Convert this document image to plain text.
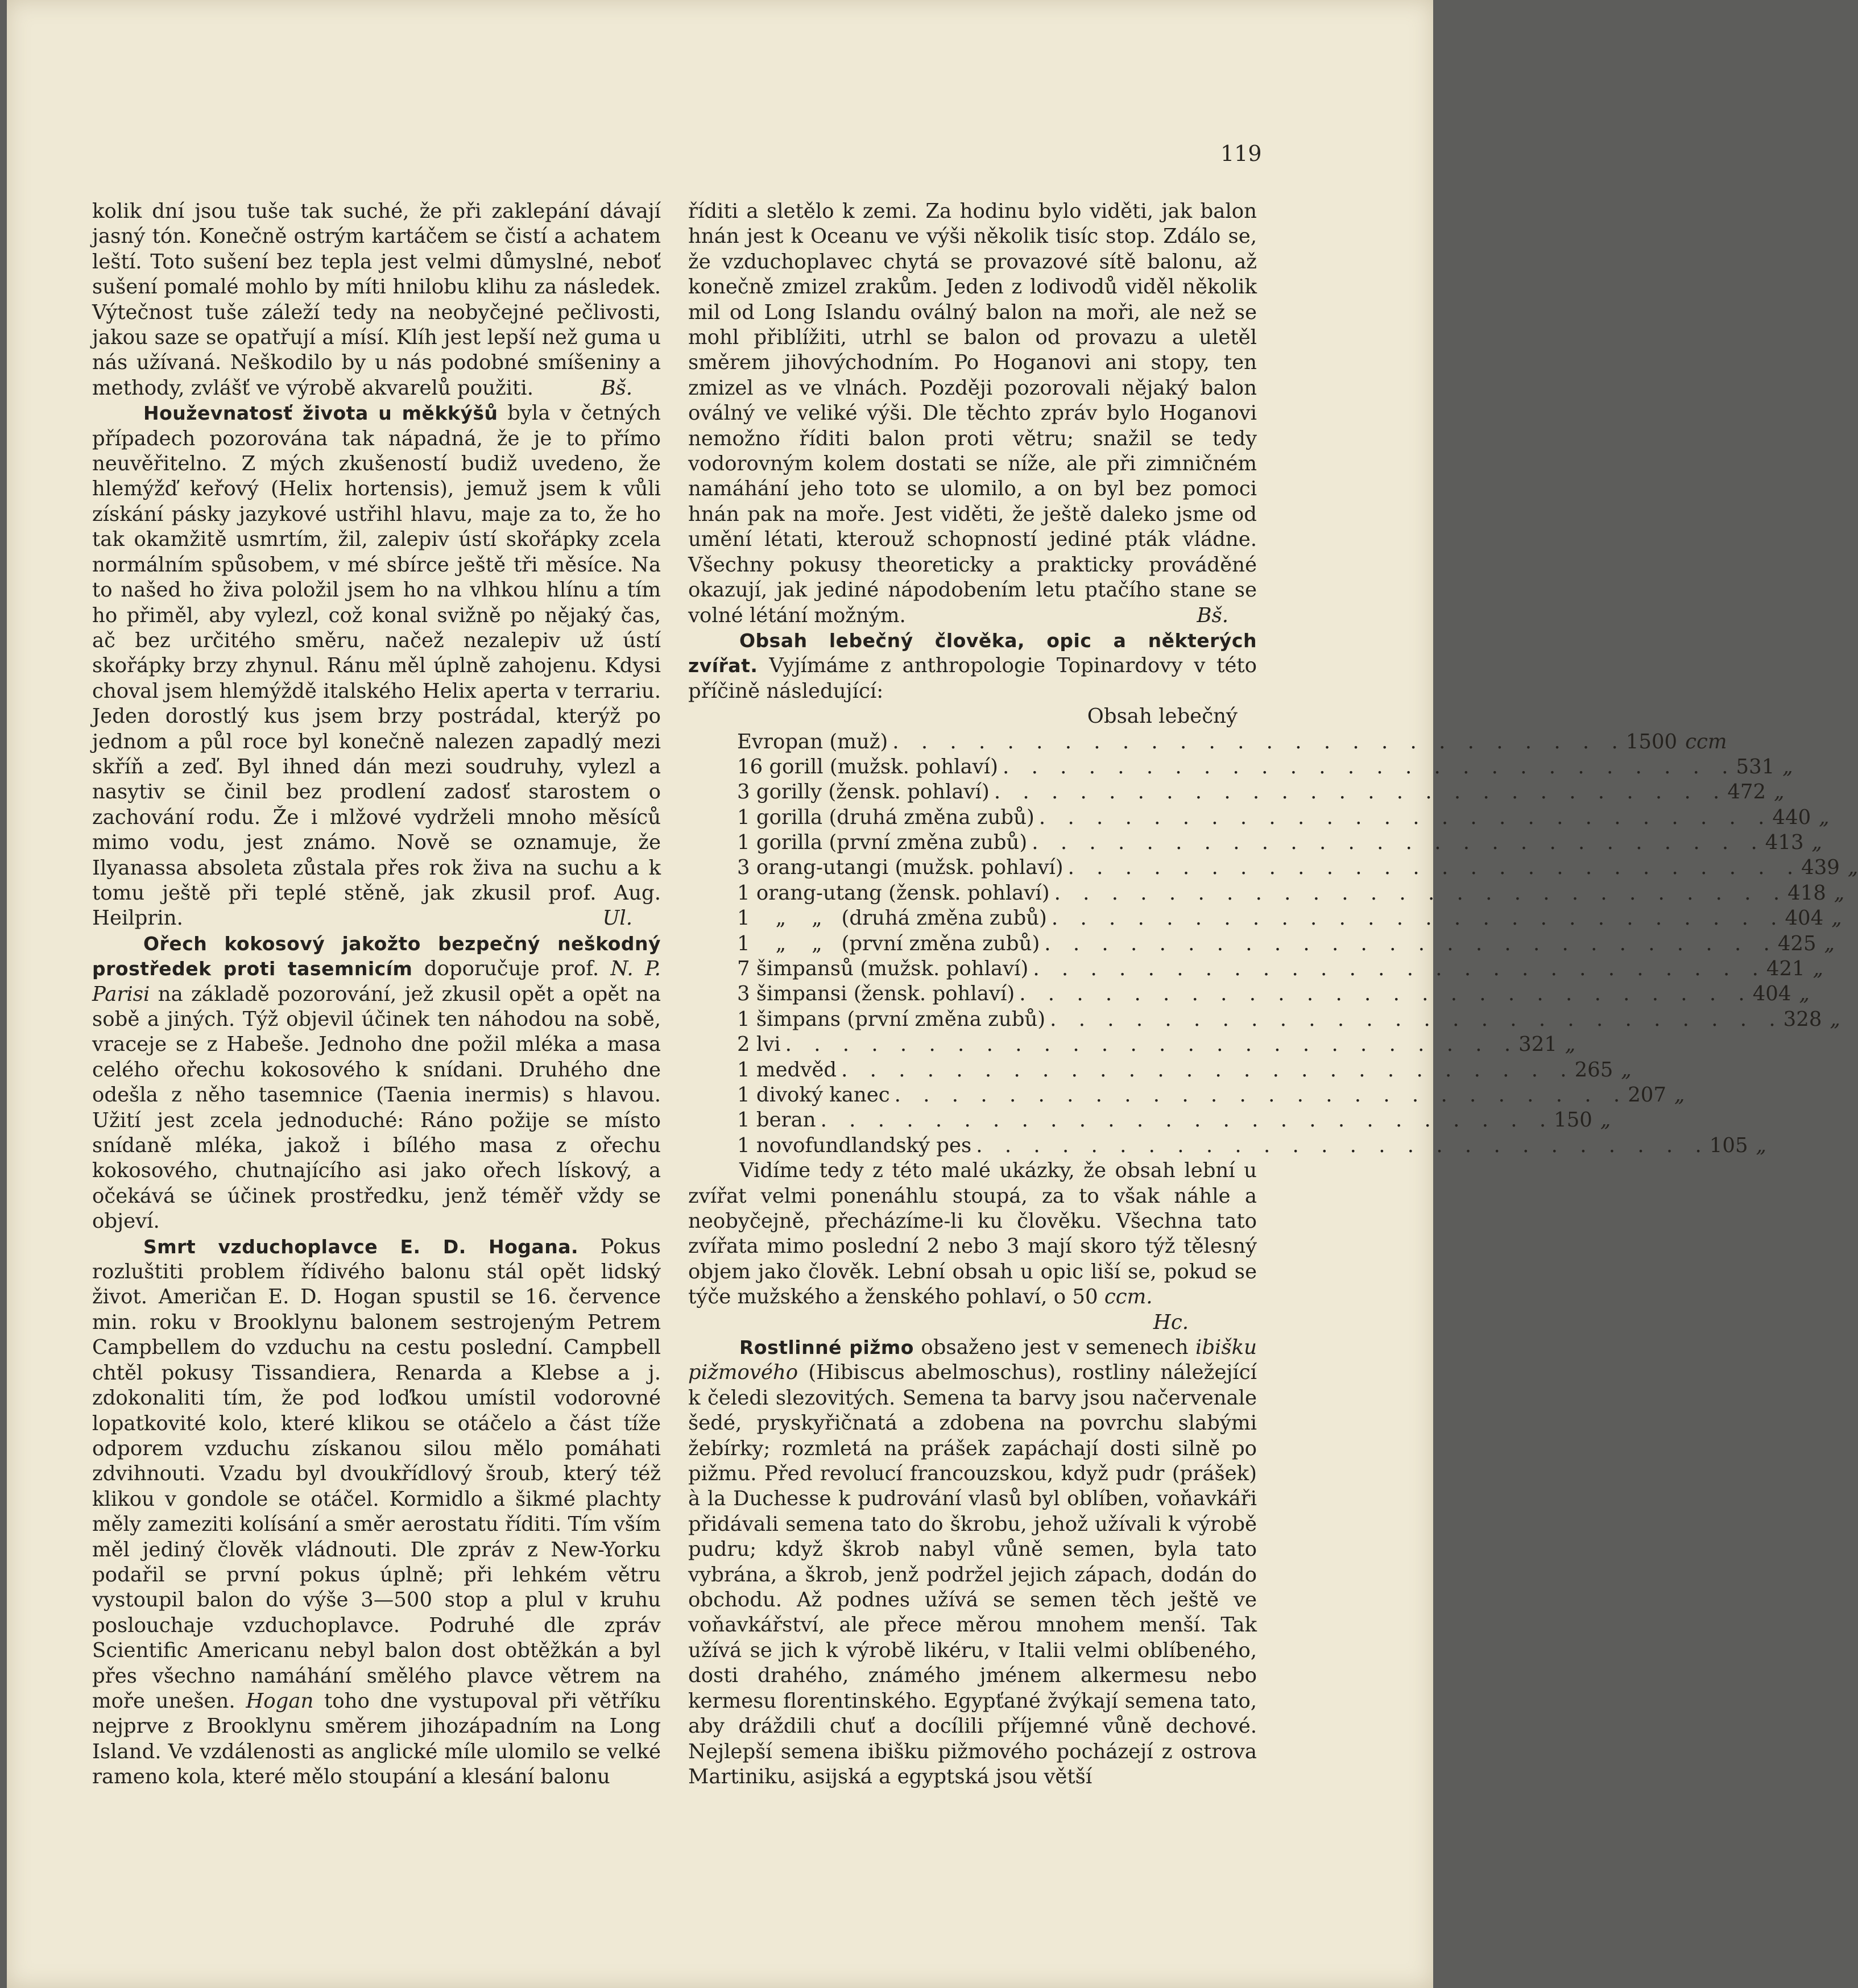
119

kolik dní jsou tuše tak suché, že při zaklepání dávají jasný tón. Konečně ostrým kartáčem se čistí a achatem leští. Toto sušení bez tepla jest velmi důmyslné, neboť sušení pomalé mohlo by míti hnilobu klihu za následek. Výtečnost tuše záleží tedy na neobyčejné pečlivosti, jakou saze se opatřují a mísí. Klíh jest lepší než guma u nás užívaná. Neškodilo by u nás podobné smíšeniny a methody, zvlášť ve výrobě akvarelů použiti.	Bš.

Houževnatosť života u měkkýšů byla v četných případech pozorována tak nápadná, že je to přímo neuvěřitelno. Z mých zkušeností budiž uvedeno, že hlemýžď keřový (Helix hortensis), jemuž jsem k vůli získání pásky jazykové ustřihl hlavu, maje za to, že ho tak okamžitě usmrtím, žil, zalepiv ústí skořápky zcela normálním spůsobem, v mé sbírce ještě tři měsíce. Na to našed ho živa položil jsem ho na vlhkou hlínu a tím ho přiměl, aby vylezl, což konal svižně po nějaký čas, ač bez určitého směru, načež nezalepiv už ústí skořápky brzy zhynul. Ránu měl úplně zahojenu. Kdysi choval jsem hlemýždě italského Helix aperta v terrariu. Jeden dorostlý kus jsem brzy postrádal, kterýž po jednom a půl roce byl konečně nalezen zapadlý mezi skříň a zeď. Byl ihned dán mezi soudruhy, vylezl a nasytiv se činil bez prodlení zadosť starostem o zachování rodu. Že i mlžové vydrželi mnoho měsíců mimo vodu, jest známo. Nově se oznamuje, že Ilyanassa absoleta zůstala přes rok živa na suchu a k tomu ještě při teplé stěně, jak zkusil prof. Aug. Heilprin.	Ul.

Ořech kokosový jakožto bezpečný neškodný prostředek proti tasemnicím doporučuje prof. N. P. Parisi na základě pozorování, jež zkusil opět a opět na sobě a jiných. Týž objevil účinek ten náhodou na sobě, vraceje se z Habeše. Jednoho dne požil mléka a masa celého ořechu kokosového k snídani. Druhého dne odešla z něho tasemnice (Taenia inermis) s hlavou. Užití jest zcela jednoduché: Ráno požije se místo snídaně mléka, jakož i bílého masa z ořechu kokosového, chutnajícího asi jako ořech lískový, a očekává se účinek prostředku, jenž téměř vždy se objeví.

Smrt vzduchoplavce E. D. Hogana. Pokus rozluštiti problem řídivého balonu stál opět lidský život. Američan E. D. Hogan spustil se 16. července min. roku v Brooklynu balonem sestrojeným Petrem Campbellem do vzduchu na cestu poslední. Campbell chtěl pokusy Tissandiera, Renarda a Klebse a j. zdokonaliti tím, že pod loďkou umístil vodorovné lopatkovité kolo, které klikou se otáčelo a část tíže odporem vzduchu získanou silou mělo pomáhati zdvihnouti. Vzadu byl dvoukřídlový šroub, který též klikou v gondole se otáčel. Kormidlo a šikmé plachty měly zameziti kolísání a směr aerostatu říditi. Tím vším měl jediný člověk vládnouti. Dle zpráv z New-Yorku podařil se první pokus úplně; při lehkém větru vystoupil balon do výše 3—500 stop a plul v kruhu poslouchaje vzduchoplavce. Podruhé dle zpráv Scientific Americanu nebyl balon dost obtěžkán a byl přes všechno namáhání smělého plavce větrem na moře unešen. Hogan toho dne vystupoval při větříku nejprve z Brooklynu směrem jihozápadním na Long Island. Ve vzdálenosti as anglické míle ulomilo se velké rameno kola, které mělo stoupání a klesání balonu

říditi a sletělo k zemi. Za hodinu bylo viděti, jak balon hnán jest k Oceanu ve výši několik tisíc stop. Zdálo se, že vzduchoplavec chytá se provazové sítě balonu, až konečně zmizel zrakům. Jeden z lodivodů viděl několik mil od Long Islandu oválný balon na moři, ale než se mohl přiblížiti, utrhl se balon od provazu a uletěl směrem jihovýchodním. Po Hoganovi ani stopy, ten zmizel as ve vlnách. Později pozorovali nějaký balon oválný ve veliké výši. Dle těchto zpráv bylo Hoganovi nemožno říditi balon proti větru; snažil se tedy vodorovným kolem dostati se níže, ale při zimničném namáhání jeho toto se ulomilo, a on byl bez pomoci hnán pak na moře. Jest viděti, že ještě daleko jsme od umění létati, kterouž schopností jediné pták vládne. Všechny pokusy theoreticky a prakticky prováděné okazují, jak jediné nápodobením letu ptačího stane se volné létání možným.	Bš.

Obsah lebečný člověka, opic a některých zvířat. Vyjímáme z anthropologie Topinardovy v této příčině následující:

Obsah lebečný
Evropan (muž) . . . . . . . . . . . . . . . . . . . . . . . . . . 1500 ccm
16 gorill (mužsk. pohlaví) . . . . . . . . . . . . . . . . . . . . . . . . . . 531 „
3 gorilly (žensk. pohlaví) . . . . . . . . . . . . . . . . . . . . . . . . . . 472 „
1 gorilla (druhá změna zubů) . . . . . . . . . . . . . . . . . . . . . . . . . . 440 „
1 gorilla (první změna zubů) . . . . . . . . . . . . . . . . . . . . . . . . . . 413 „
3 orang-utangi (mužsk. pohlaví) . . . . . . . . . . . . . . . . . . . . . . . . . . 439 „
1 orang-utang (žensk. pohlaví) . . . . . . . . . . . . . . . . . . . . . . . . . . 418 „
1    „    „   (druhá změna zubů) . . . . . . . . . . . . . . . . . . . . . . . . . . 404 „
1    „    „   (první změna zubů) . . . . . . . . . . . . . . . . . . . . . . . . . . 425 „
7 šimpansů (mužsk. pohlaví) . . . . . . . . . . . . . . . . . . . . . . . . . . 421 „
3 šimpansi (žensk. pohlaví) . . . . . . . . . . . . . . . . . . . . . . . . . . 404 „
1 šimpans (první změna zubů) . . . . . . . . . . . . . . . . . . . . . . . . . . 328 „
2 lvi . . . . . . . . . . . . . . . . . . . . . . . . . . 321 „
1 medvěd . . . . . . . . . . . . . . . . . . . . . . . . . . 265 „
1 divoký kanec . . . . . . . . . . . . . . . . . . . . . . . . . . 207 „
1 beran . . . . . . . . . . . . . . . . . . . . . . . . . . 150 „
1 novofundlandský pes . . . . . . . . . . . . . . . . . . . . . . . . . . 105 „

Vidíme tedy z této malé ukázky, že obsah lební u zvířat velmi ponenáhlu stoupá, za to však náhle a neobyčejně, přecházíme-li ku člověku. Všechna tato zvířata mimo poslední 2 nebo 3 mají skoro týž tělesný objem jako člověk. Lební obsah u opic liší se, pokud se týče mužského a ženského pohlaví, o 50 ccm.

Hc.

Rostlinné pižmo obsaženo jest v semenech ibišku pižmového (Hibiscus abelmoschus), rostliny náležející k čeledi slezovitých. Semena ta barvy jsou načervenale šedé, pryskyřičnatá a zdobena na povrchu slabými žebírky; rozmletá na prášek zapáchají dosti silně po pižmu. Před revolucí francouzskou, když pudr (prášek) à la Duchesse k pudrování vlasů byl oblíben, voňavkáři přidávali semena tato do škrobu, jehož užívali k výrobě pudru; když škrob nabyl vůně semen, byla tato vybrána, a škrob, jenž podržel jejich zápach, dodán do obchodu. Až podnes užívá se semen těch ještě ve voňavkářství, ale přece měrou mnohem menší. Tak užívá se jich k výrobě likéru, v Italii velmi oblíbeného, dosti drahého, známého jménem alkermesu nebo kermesu florentinského. Egypťané žvýkají semena tato, aby dráždili chuť a docílili příjemné vůně dechové. Nejlepší semena ibišku pižmového pocházejí z ostrova Martiniku, asijská a egyptská jsou větší
